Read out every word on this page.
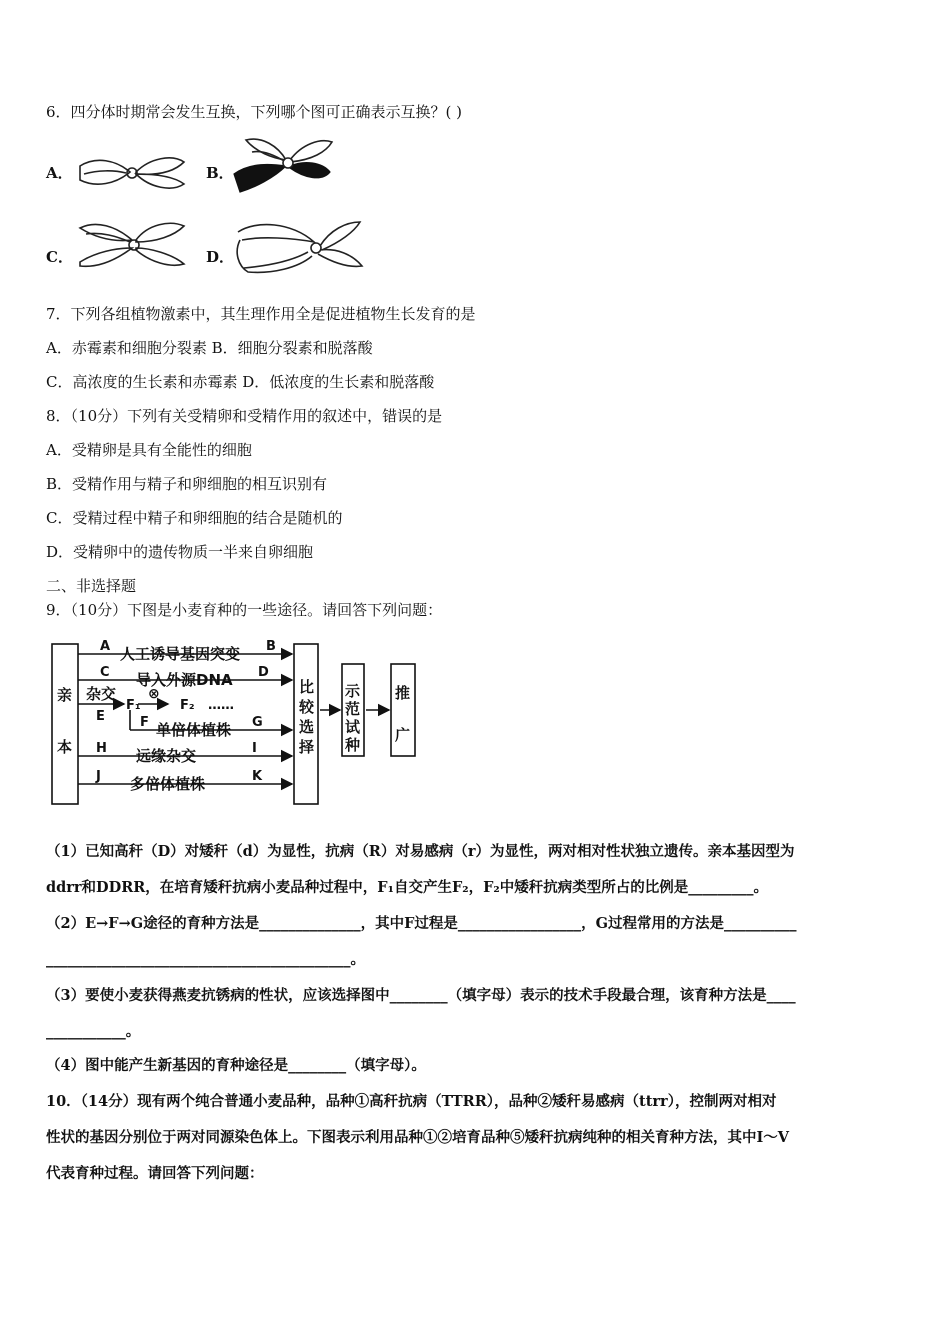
6．四分体时期常会发生互换，下列哪个图可正确表示互换？( )
A．	B．
C．	D．
7．下列各组植物激素中，其生理作用全是促进植物生长发育的是
A．赤霉素和细胞分裂素 B．细胞分裂素和脱落酸
C．高浓度的生长素和赤霉素 D．低浓度的生长素和脱落酸
8．（10分）下列有关受精卵和受精作用的叙述中，错误的是
A．受精卵是具有全能性的细胞
B．受精作用与精子和卵细胞的相互识别有
C．受精过程中精子和卵细胞的结合是随机的
D．受精卵中的遗传物质一半来自卵细胞
二、非选择题
9．（10分）下图是小麦育种的一些途径。请回答下列问题：
亲
本
比
较
选
择
示
范
试
种
推
广
A 人工诱导基因突变 B
C 导入外源DNA D
杂交
E
F₁
⊗
F₂ ……
F 单倍体植株 G
H 远缘杂交	I
J 多倍体植株	K
（1）已知高秆（D）对矮秆（d）为显性，抗病（R）对易感病（r）为显性，两对相对性状独立遗传。亲本基因型为
ddrr和DDRR，在培育矮秆抗病小麦品种过程中，F₁自交产生F₂，F₂中矮秆抗病类型所占的比例是_________。
（2）E→F→G途径的育种方法是______________，其中F过程是_________________，G过程常用的方法是__________
__________________________________________。
（3）要使小麦获得燕麦抗锈病的性状，应该选择图中________（填字母）表示的技术手段最合理，该育种方法是____
___________。
（4）图中能产生新基因的育种途径是________（填字母）。
10．（14分）现有两个纯合普通小麦品种，品种①高秆抗病（TTRR），品种②矮秆易感病（ttrr），控制两对相对
性状的基因分别位于两对同源染色体上。下图表示利用品种①②培育品种⑤矮秆抗病纯种的相关育种方法，其中Ⅰ～Ⅴ
代表育种过程。请回答下列问题：
